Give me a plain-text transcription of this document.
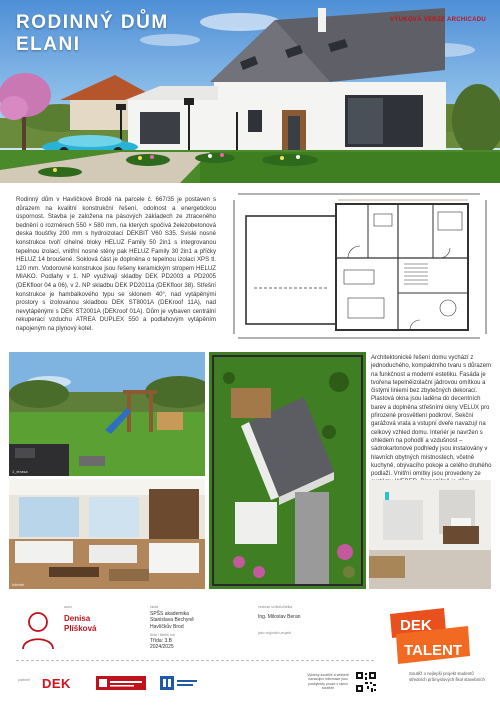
RODINNÝ DŮM
ELANI
VÝUKOVÁ VERZE ARCHICADU

Rodinný dům v Havlíčkově Brodě na parcele č. 667/35 je postaven s důrazem na kvalitní konstrukční řešení, odolnost a energetickou úspornost. Stavba je založena na pásových základech ze ztraceného bednění o rozměrech 550 × 580 mm, na kterých spočívá železobetonová deska tloušťky 200 mm s hydroizolací DEKBIT V60 S35. Svislé nosné konstrukce tvoří cihelné bloky HELUZ Family 50 2in1 s integrovanou tepelnou izolací, vnitřní nosné stěny pak HELUZ Family 30 2in1 a příčky HELUZ 14 broušené. Soklová část je doplněna o tepelnou izolaci XPS tl. 120 mm. Vodorovné konstrukce jsou řešeny keramickým stropem HELUZ MIAKO. Podlahy v 1. NP využívají skladby DEK PD2003 a PD2005 (DEKfloor 04 a 06), v 2. NP skladbu DEK PD2011a (DEKfloor 38). Střešní konstrukce je hambalkového typu se sklonem 40°, nad vytápěnými prostory s izolovanou skladbou DEK ST8001A (DEKroof 11A), nad nevytápěnými s DEK ST2001A (DEKroof 01A). Dům je vybaven centrální rekuperací vzduchu ATREA DUPLEX 550 a podlahovým vytápěním napojeným na plynový kotel.

1_terasa
Interiér

Architektonické řešení domu vychází z jednoduchého, kompaktního tvaru s důrazem na funkčnost a moderní estetiku. Fasáda je tvořena tepelněizolační jádrovou omítkou a čistými liniemi bez zbytečných dekorací. Plastová okna jsou laděna do decentních barev a doplněna střešními okny VELUX pro přirozené prosvětlení podkroví. Sekční garážová vrata a vstupní dveře navazují na celkový vzhled domu. Interiér je navržen s ohledem na pohodlí a vzdušnost – sádrokartonové podhledy jsou instalovány v hlavních obytných místnostech, včetně kuchyně, obývacího pokoje a celého druhého podlaží. Vnitřní omítky jsou provedeny ze

autor
Denisa
Plíšková
škola
SPŠS akademika
Stanislava Bechyně
Havlíčkův Brod
třída / školní rok
Třída: 3.B
2024/2025
vedoucí učitel/učitelka
Ing. Miloslav Beran
jako originální projekt
partneři DEK
Výkresy soutěže a veškeré navazující informace jsou poskytnuty pouze v rámci soutěže
DEK
TALENT
Soutěž o nejlepší projekt studentů středních průmyslových škol stavebních
